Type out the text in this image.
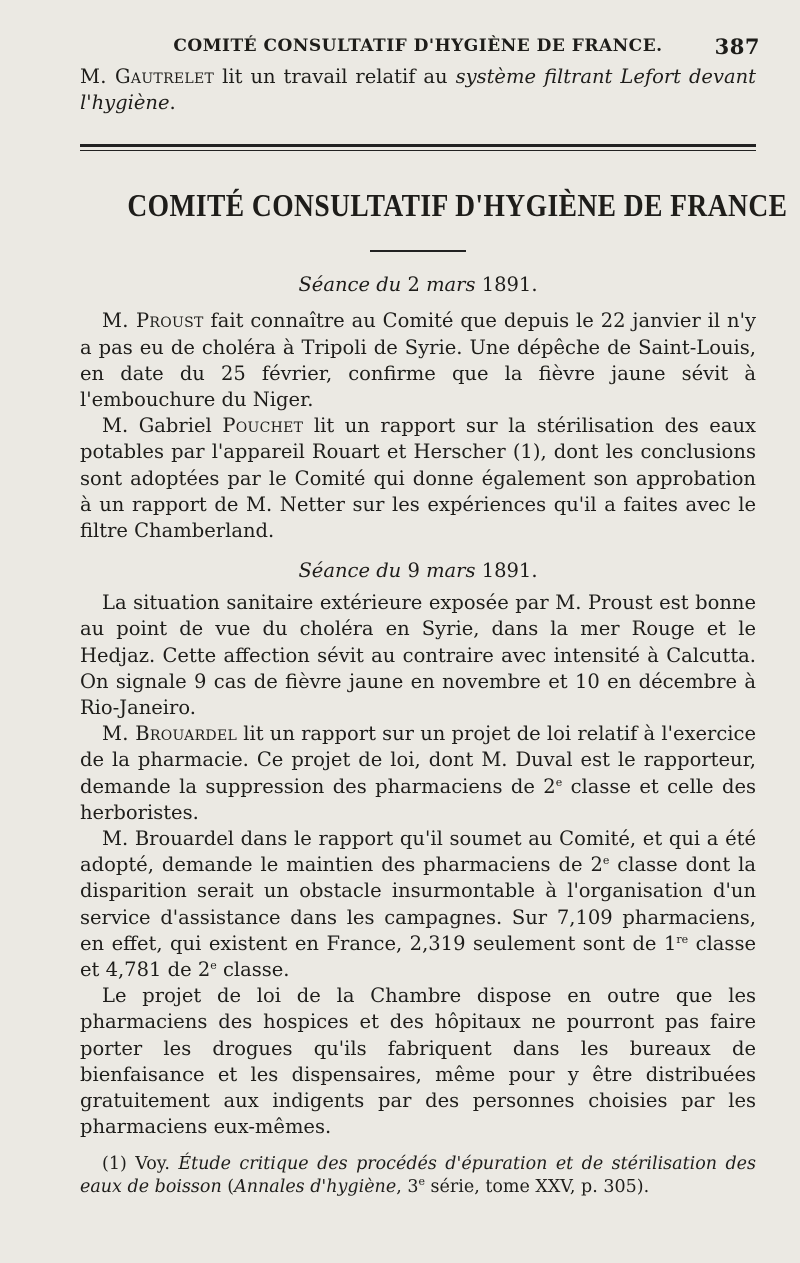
COMITÉ CONSULTATIF D'HYGIÈNE DE FRANCE. 387

M. Gautrelet lit un travail relatif au système filtrant Lefort devant l'hygiène.

COMITÉ CONSULTATIF D'HYGIÈNE DE FRANCE
Séance du 2 mars 1891.

M. Proust fait connaître au Comité que depuis le 22 janvier il n'y a pas eu de choléra à Tripoli de Syrie. Une dépêche de Saint-Louis, en date du 25 février, confirme que la fièvre jaune sévit à l'embouchure du Niger.

M. Gabriel Pouchet lit un rapport sur la stérilisation des eaux potables par l'appareil Rouart et Herscher (1), dont les conclusions sont adoptées par le Comité qui donne également son approbation à un rapport de M. Netter sur les expériences qu'il a faites avec le filtre Chamberland.

Séance du 9 mars 1891.

La situation sanitaire extérieure exposée par M. Proust est bonne au point de vue du choléra en Syrie, dans la mer Rouge et le Hedjaz. Cette affection sévit au contraire avec intensité à Calcutta. On signale 9 cas de fièvre jaune en novembre et 10 en décembre à Rio-Janeiro.

M. Brouardel lit un rapport sur un projet de loi relatif à l'exercice de la pharmacie. Ce projet de loi, dont M. Duval est le rapporteur, demande la suppression des pharmaciens de 2e classe et celle des herboristes.

M. Brouardel dans le rapport qu'il soumet au Comité, et qui a été adopté, demande le maintien des pharmaciens de 2e classe dont la disparition serait un obstacle insurmontable à l'organisation d'un service d'assistance dans les campagnes. Sur 7,109 pharmaciens, en effet, qui existent en France, 2,319 seulement sont de 1re classe et 4,781 de 2e classe.

Le projet de loi de la Chambre dispose en outre que les pharmaciens des hospices et des hôpitaux ne pourront pas faire porter les drogues qu'ils fabriquent dans les bureaux de bienfaisance et les dispensaires, même pour y être distribuées gratuitement aux indigents par des personnes choisies par les pharmaciens eux-mêmes.

(1) Voy. Étude critique des procédés d'épuration et de stérilisation des eaux de boisson (Annales d'hygiène, 3e série, tome XXV, p. 305).
